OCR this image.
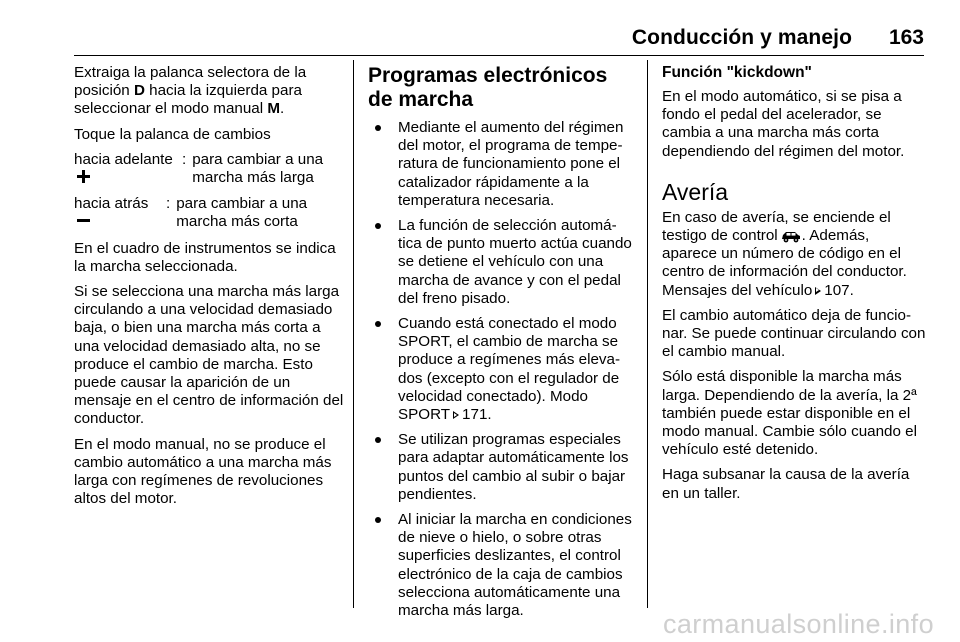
Conducción y manejo 163

Extraiga la palanca selectora de la posición D hacia la izquierda para seleccionar el modo manual M.

Toque la palanca de cambios

hacia adelante : para cambiar a una marcha más larga
hacia atrás	: para cambiar a una marcha más corta

En el cuadro de instrumentos se indica la marcha seleccionada.

Si se selecciona una marcha más larga circulando a una velocidad demasiado baja, o bien una marcha más corta a una velocidad demasiado alta, no se produce el cambio de marcha. Esto puede causar la aparición de un mensaje en el centro de información del conductor.

En el modo manual, no se produce el cambio automático a una marcha más larga con regímenes de revoluciones altos del motor.

Programas electrónicos de marcha
Mediante el aumento del régimen del motor, el programa de temperatura de funcionamiento pone el catalizador rápidamente a la temperatura necesaria.
La función de selección automática de punto muerto actúa cuando se detiene el vehículo con una marcha de avance y con el pedal del freno pisado.
Cuando está conectado el modo SPORT, el cambio de marcha se produce a regímenes más elevados (excepto con el regulador de velocidad conectado). Modo SPORT 171.
Se utilizan programas especiales para adaptar automáticamente los puntos del cambio al subir o bajar pendientes.
Al iniciar la marcha en condiciones de nieve o hielo, o sobre otras superficies deslizantes, el control electrónico de la caja de cambios selecciona automáticamente una marcha más larga.
Función "kickdown"

En el modo automático, si se pisa a fondo el pedal del acelerador, se cambia a una marcha más corta dependiendo del régimen del motor.

Avería

En caso de avería, se enciende el testigo de control . Además, aparece un número de código en el centro de información del conductor. Mensajes del vehículo 107.

El cambio automático deja de funcionar. Se puede continuar circulando con el cambio manual.

Sólo está disponible la marcha más larga. Dependiendo de la avería, la 2ª también puede estar disponible en el modo manual. Cambie sólo cuando el vehículo esté detenido.

Haga subsanar la causa de la avería en un taller.

carmanualsonline.info
